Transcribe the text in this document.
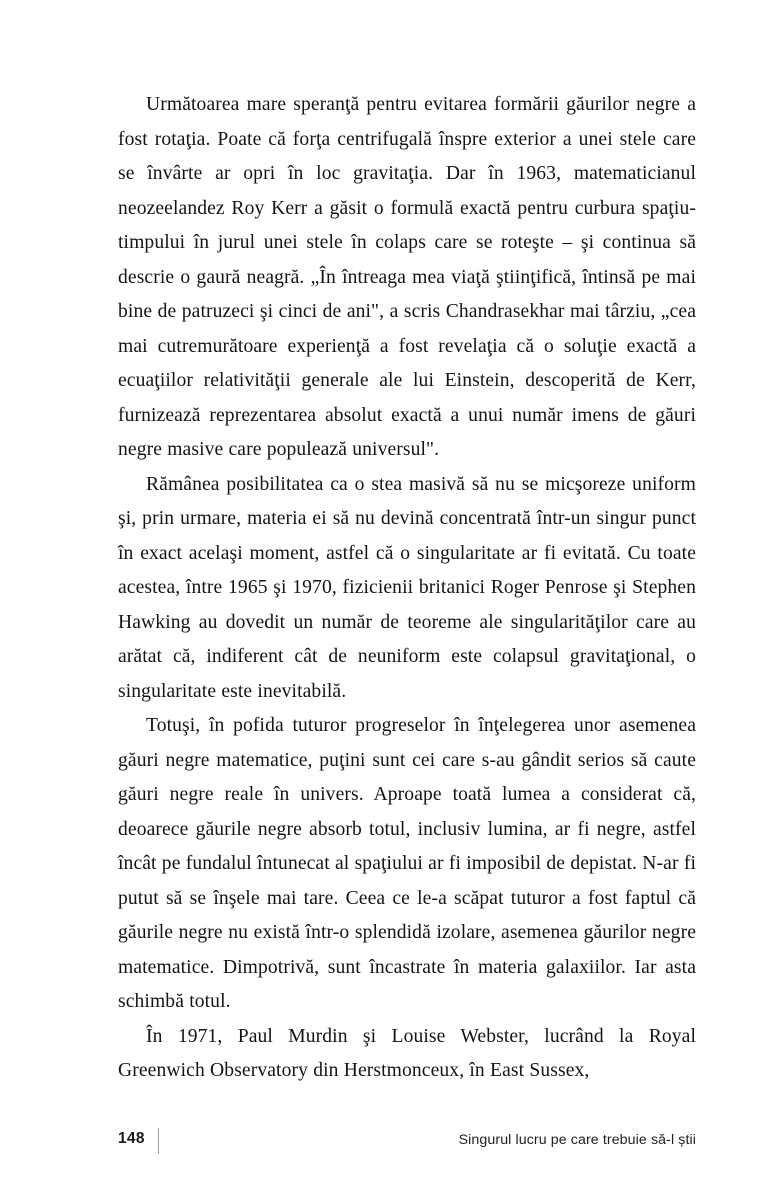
Următoarea mare speranţă pentru evitarea formării găurilor negre a fost rotaţia. Poate că forţa centrifugală înspre exterior a unei stele care se învârte ar opri în loc gravitaţia. Dar în 1963, matematicianul neozeelandez Roy Kerr a găsit o formulă exactă pentru curbura spaţiu-timpului în jurul unei stele în colaps care se roteşte – şi continua să descrie o gaură neagră. „În întreaga mea viaţă ştiinţifică, întinsă pe mai bine de patruzeci şi cinci de ani", a scris Chandrasekhar mai târziu, „cea mai cutremurătoare experienţă a fost revelaţia că o soluţie exactă a ecuaţiilor relativităţii generale ale lui Einstein, descoperită de Kerr, furnizează reprezentarea absolut exactă a unui număr imens de găuri negre masive care populează universul".

Rămânea posibilitatea ca o stea masivă să nu se micşoreze uniform şi, prin urmare, materia ei să nu devină concentrată într-un singur punct în exact acelaşi moment, astfel că o singularitate ar fi evitată. Cu toate acestea, între 1965 şi 1970, fizicienii britanici Roger Penrose şi Stephen Hawking au dovedit un număr de teoreme ale singularităţilor care au arătat că, indiferent cât de neuniform este colapsul gravitaţional, o singularitate este inevitabilă.

Totuşi, în pofida tuturor progreselor în înţelegerea unor asemenea găuri negre matematice, puţini sunt cei care s-au gândit serios să caute găuri negre reale în univers. Aproape toată lumea a considerat că, deoarece găurile negre absorb totul, inclusiv lumina, ar fi negre, astfel încât pe fundalul întunecat al spaţiului ar fi imposibil de depistat. N-ar fi putut să se înşele mai tare. Ceea ce le-a scăpat tuturor a fost faptul că găurile negre nu există într-o splendidă izolare, asemenea găurilor negre matematice. Dimpotrivă, sunt încastrate în materia galaxiilor. Iar asta schimbă totul.

În 1971, Paul Murdin şi Louise Webster, lucrând la Royal Greenwich Observatory din Herstmonceux, în East Sussex,

148	Singurul lucru pe care trebuie să-l știi
